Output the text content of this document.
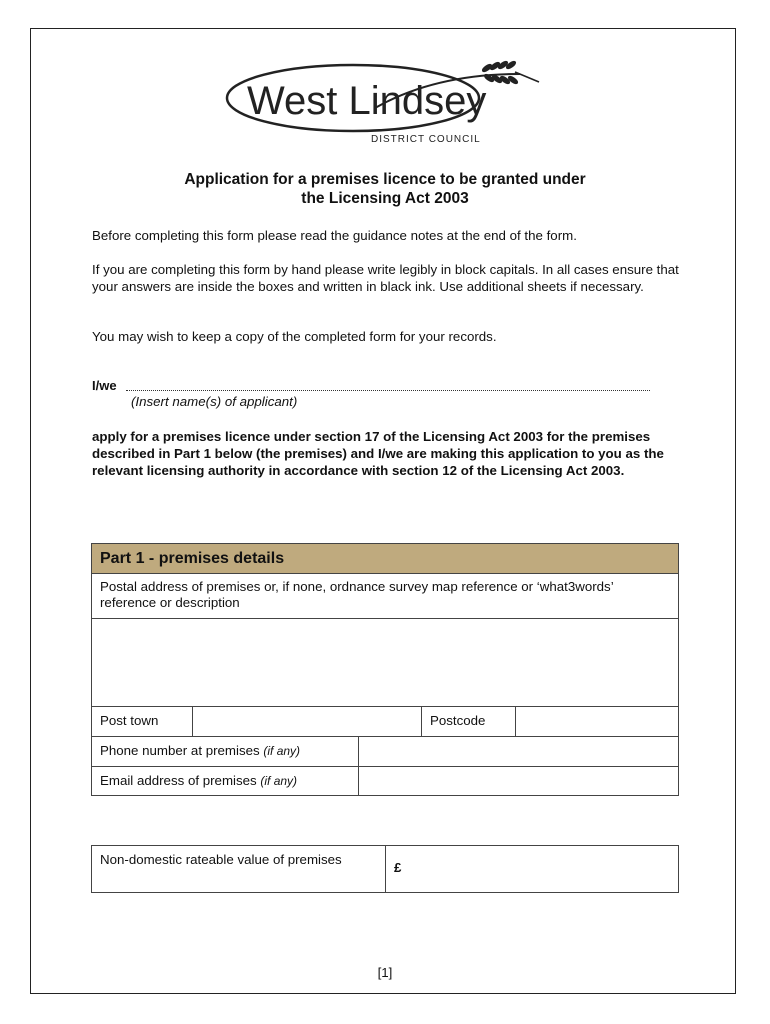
West Lindsey
DISTRICT COUNCIL
Application for a premises licence to be granted under
the Licensing Act 2003
Before completing this form please read the guidance notes at the end of the form.
If you are completing this form by hand please write legibly in block capitals. In all cases ensure that your answers are inside the boxes and written in black ink. Use additional sheets if necessary.
You may wish to keep a copy of the completed form for your records.
I/we
(Insert name(s) of applicant)
apply for a premises licence under section 17 of the Licensing Act 2003 for the premises described in Part 1 below (the premises) and I/we are making this application to you as the relevant licensing authority in accordance with section 12 of the Licensing Act 2003.
Part 1 - premises details
Postal address of premises or, if none, ordnance survey map reference or ‘what3words’ reference or description
Post town	Postcode
Phone number at premises (if any)
Email address of premises (if any)
Non-domestic rateable value of premises
£
[1]
